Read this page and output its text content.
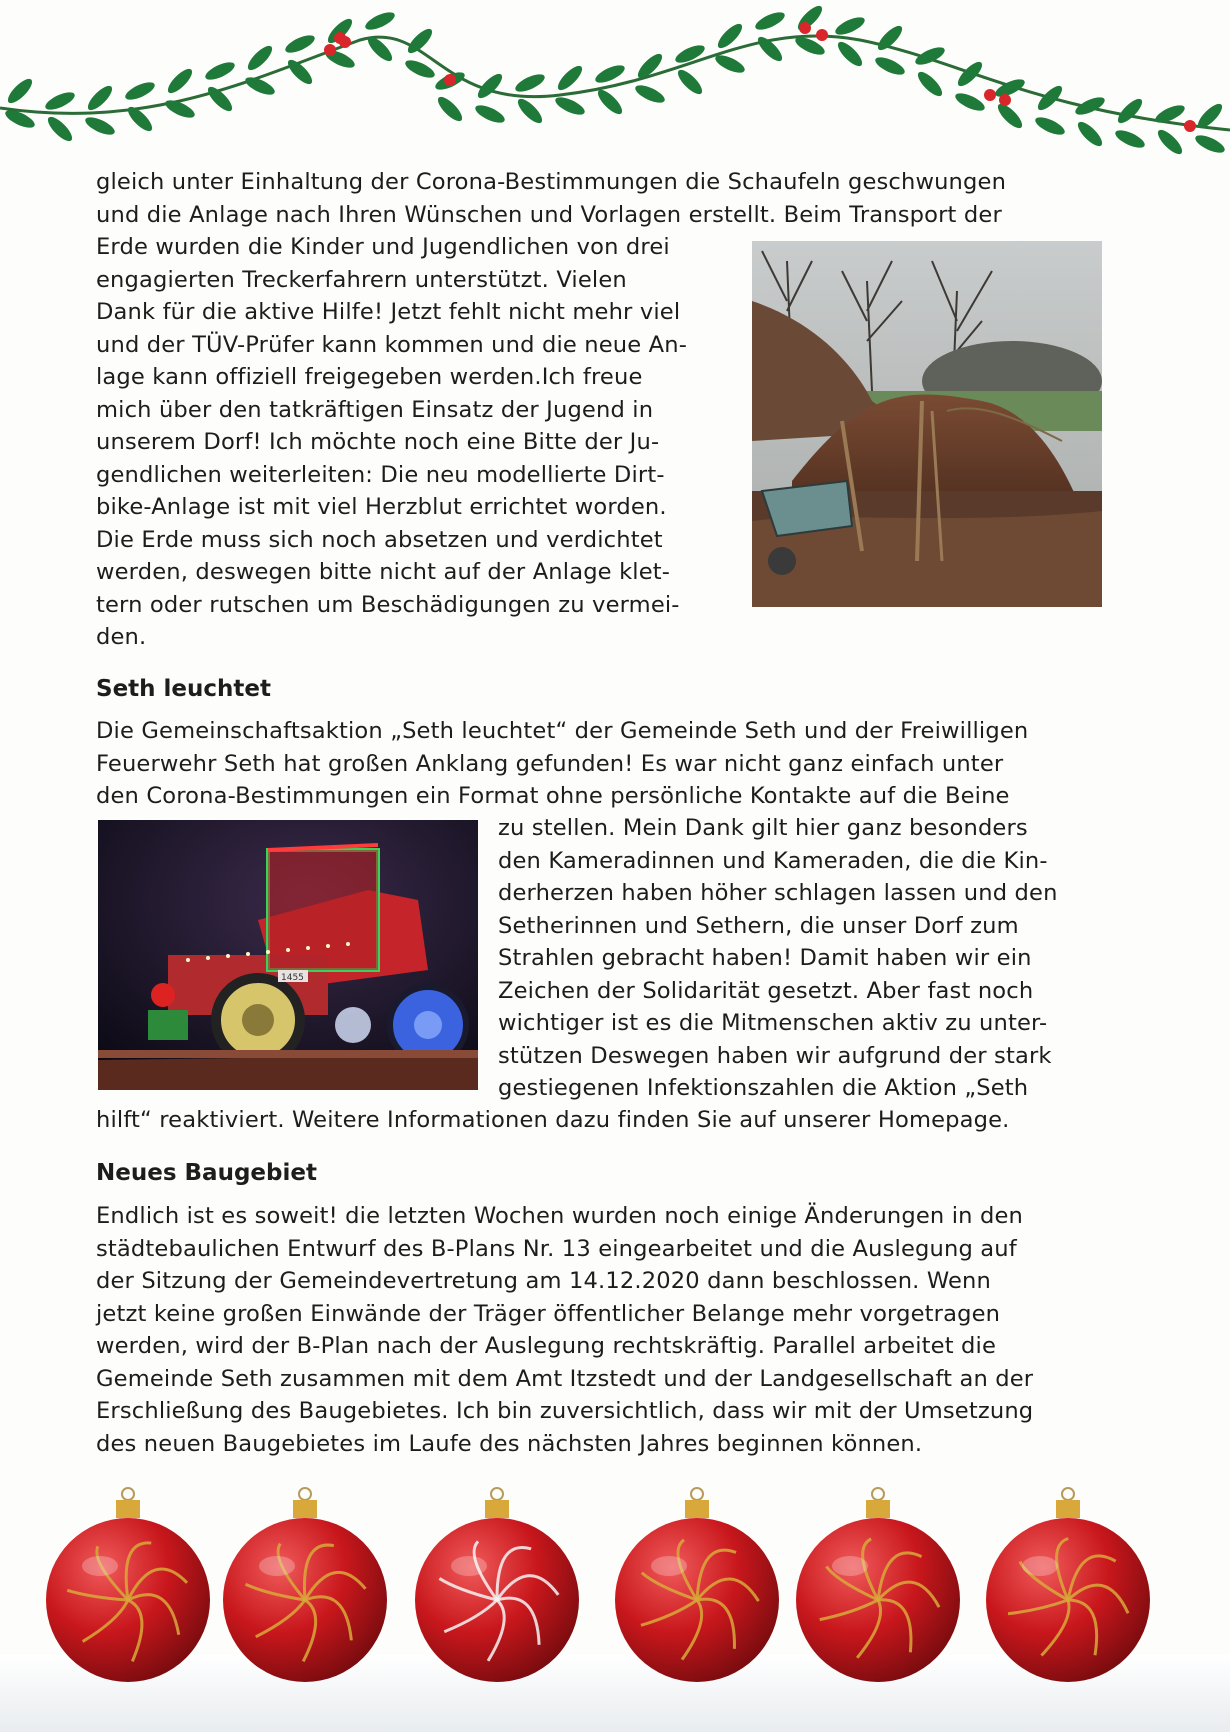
gleich unter Einhaltung der Corona-Bestimmungen die Schaufeln geschwungen

und die Anlage nach Ihren Wünschen und Vorlagen erstellt. Beim Transport der

Erde wurden die Kinder und Jugendlichen von drei

engagierten Treckerfahrern unterstützt. Vielen

Dank für die aktive Hilfe! Jetzt fehlt nicht mehr viel

und der TÜV-Prüfer kann kommen und die neue An-

lage kann offiziell freigegeben werden.Ich freue

mich über den tatkräftigen Einsatz der Jugend in

unserem Dorf! Ich möchte noch eine Bitte der Ju-

gendlichen weiterleiten: Die neu modellierte Dirt-

bike-Anlage ist mit viel Herzblut errichtet worden.

Die Erde muss sich noch absetzen und verdichtet

werden, deswegen bitte nicht auf der Anlage klet-

tern oder rutschen um Beschädigungen zu vermei-

den.

Seth leuchtet

Die Gemeinschaftsaktion „Seth leuchtet“ der Gemeinde Seth und der Freiwilligen

Feuerwehr Seth hat großen Anklang gefunden! Es war nicht ganz einfach unter

den Corona-Bestimmungen ein Format ohne persönliche Kontakte auf die Beine

1455

zu stellen. Mein Dank gilt hier ganz besonders

den Kameradinnen und Kameraden, die die Kin-

derherzen haben höher schlagen lassen und den

Setherinnen und Sethern, die unser Dorf zum

Strahlen gebracht haben! Damit haben wir ein

Zeichen der Solidarität gesetzt. Aber fast noch

wichtiger ist es die Mitmenschen aktiv zu unter-

stützen Deswegen haben wir aufgrund der stark

gestiegenen Infektionszahlen die Aktion „Seth

hilft“ reaktiviert. Weitere Informationen dazu finden Sie auf unserer Homepage.

Neues Baugebiet

Endlich ist es soweit! die letzten Wochen wurden noch einige Änderungen in den

städtebaulichen Entwurf des B-Plans Nr. 13 eingearbeitet und die Auslegung auf

der Sitzung der Gemeindevertretung am 14.12.2020 dann beschlossen. Wenn

jetzt keine großen Einwände der Träger öffentlicher Belange mehr vorgetragen

werden, wird der B-Plan nach der Auslegung rechtskräftig. Parallel arbeitet die

Gemeinde Seth zusammen mit dem Amt Itzstedt und der Landgesellschaft an der

Erschließung des Baugebietes. Ich bin zuversichtlich, dass wir mit der Umsetzung

des neuen Baugebietes im Laufe des nächsten Jahres beginnen können.
